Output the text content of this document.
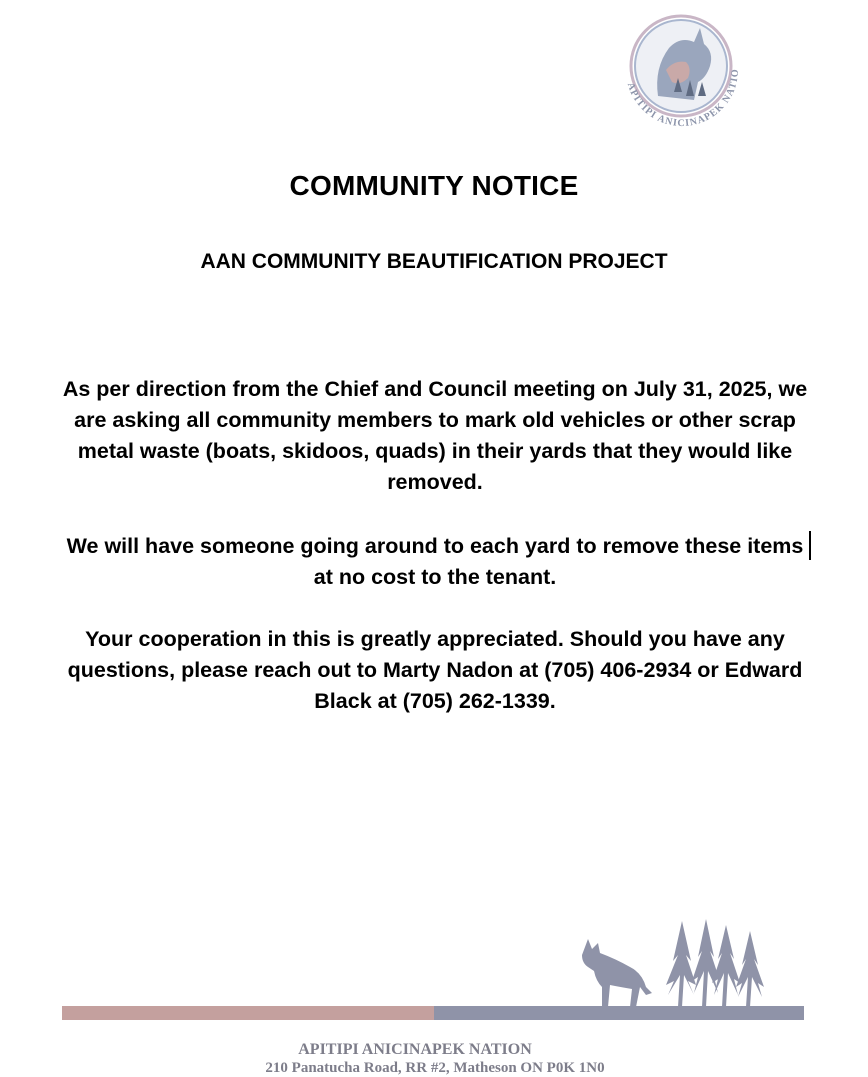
APITIPI ANICINAPEK NATIO
COMMUNITY NOTICE
AAN COMMUNITY BEAUTIFICATION PROJECT
As per direction from the Chief and Council meeting on July 31, 2025, we are asking all community members to mark old vehicles or other scrap metal waste (boats, skidoos, quads) in their yards that they would like removed.
We will have someone going around to each yard to remove these items at no cost to the tenant.
Your cooperation in this is greatly appreciated. Should you have any questions, please reach out to Marty Nadon at (705) 406-2934 or Edward Black at (705) 262-1339.
APITIPI ANICINAPEK NATION
210 Panatucha Road, RR #2, Matheson ON P0K 1N0
